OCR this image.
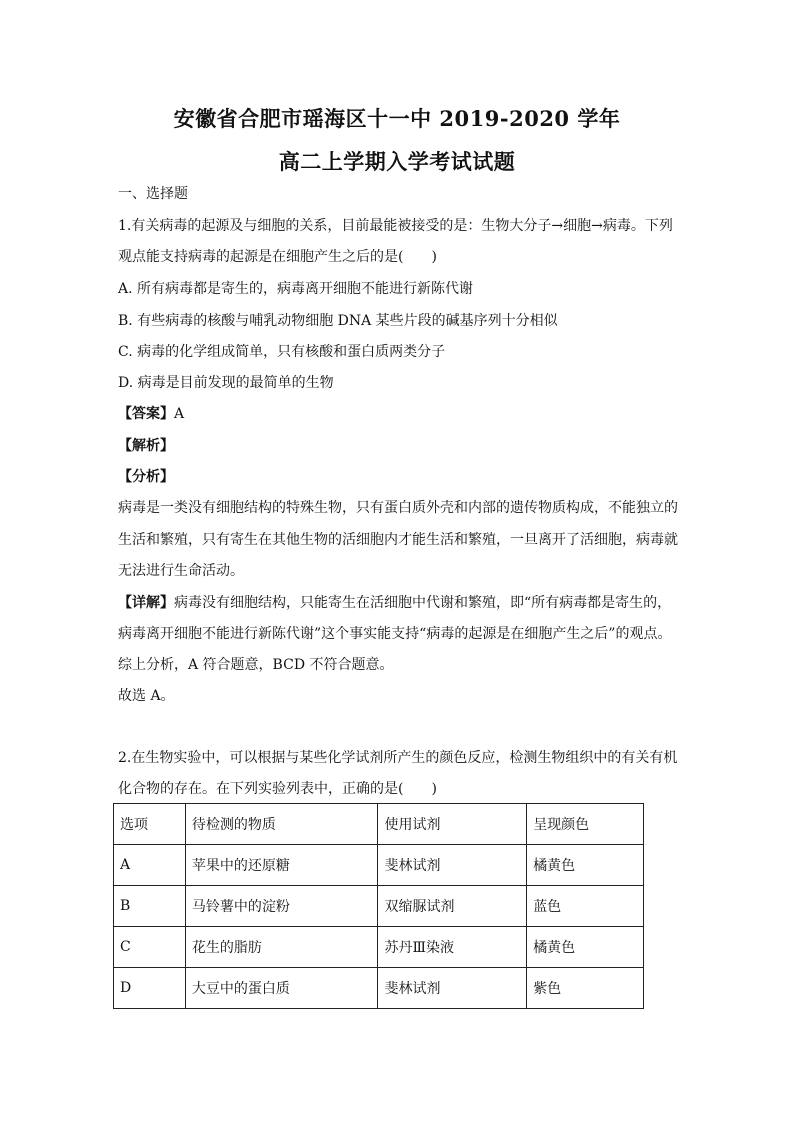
安徽省合肥市瑶海区十一中 2019-2020 学年
高二上学期入学考试试题
一、选择题
1.有关病毒的起源及与细胞的关系，目前最能被接受的是：生物大分子→细胞→病毒。下列
观点能支持病毒的起源是在细胞产生之后的是(　　)
A. 所有病毒都是寄生的，病毒离开细胞不能进行新陈代谢
B. 有些病毒的核酸与哺乳动物细胞 DNA 某些片段的碱基序列十分相似
C. 病毒的化学组成简单，只有核酸和蛋白质两类分子
D. 病毒是目前发现的最简单的生物
【答案】A
【解析】
【分析】
病毒是一类没有细胞结构的特殊生物，只有蛋白质外壳和内部的遗传物质构成，不能独立的
生活和繁殖，只有寄生在其他生物的活细胞内才能生活和繁殖，一旦离开了活细胞，病毒就
无法进行生命活动。
【详解】病毒没有细胞结构，只能寄生在活细胞中代谢和繁殖，即“所有病毒都是寄生的，
病毒离开细胞不能进行新陈代谢”这个事实能支持“病毒的起源是在细胞产生之后”的观点。
综上分析，A 符合题意，BCD 不符合题意。
故选 A。
2.在生物实验中，可以根据与某些化学试剂所产生的颜色反应，检测生物组织中的有关有机
化合物的存在。在下列实验列表中，正确的是(　　)
选项	待检测的物质	使用试剂	呈现颜色
A	苹果中的还原糖	斐林试剂	橘黄色
B	马铃薯中的淀粉	双缩脲试剂	蓝色
C	花生的脂肪	苏丹Ⅲ染液	橘黄色
D	大豆中的蛋白质	斐林试剂	紫色
